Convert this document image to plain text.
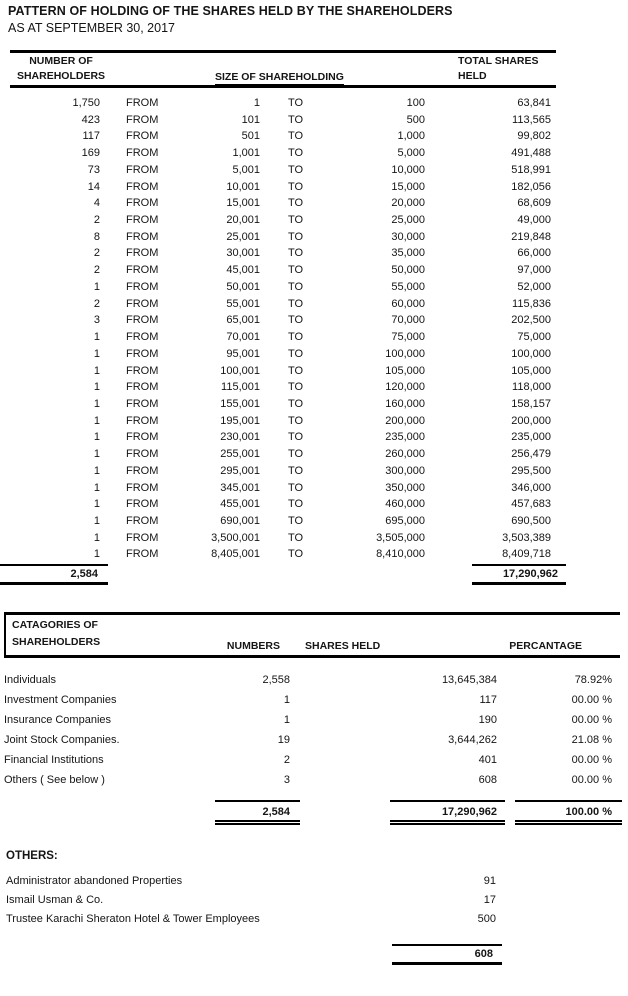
PATTERN OF HOLDING OF THE SHARES HELD BY THE SHAREHOLDERS
AS AT SEPTEMBER 30, 2017
NUMBER OF
SHAREHOLDERS	SIZE OF SHAREHOLDING
TOTAL SHARES
HELD
1,750	FROM	1	TO	100	63,841
423	FROM	101	TO	500	113,565
117	FROM	501	TO	1,000	99,802
169	FROM	1,001	TO	5,000	491,488
73	FROM	5,001	TO	10,000	518,991
14	FROM	10,001	TO	15,000	182,056
4	FROM	15,001	TO	20,000	68,609
2	FROM	20,001	TO	25,000	49,000
8	FROM	25,001	TO	30,000	219,848
2	FROM	30,001	TO	35,000	66,000
2	FROM	45,001	TO	50,000	97,000
1	FROM	50,001	TO	55,000	52,000
2	FROM	55,001	TO	60,000	115,836
3	FROM	65,001	TO	70,000	202,500
1	FROM	70,001	TO	75,000	75,000
1	FROM	95,001	TO	100,000	100,000
1	FROM	100,001	TO	105,000	105,000
1	FROM	115,001	TO	120,000	118,000
1	FROM	155,001	TO	160,000	158,157
1	FROM	195,001	TO	200,000	200,000
1	FROM	230,001	TO	235,000	235,000
1	FROM	255,001	TO	260,000	256,479
1	FROM	295,001	TO	300,000	295,500
1	FROM	345,001	TO	350,000	346,000
1	FROM	455,001	TO	460,000	457,683
1	FROM	690,001	TO	695,000	690,500
1	FROM	3,500,001	TO	3,505,000	3,503,389
1	FROM	8,405,001	TO	8,410,000	8,409,718
2,584	17,290,962
CATAGORIES OF
SHAREHOLDERS	NUMBERS SHARES HELD	PERCANTAGE
Individuals	2,558	13,645,384	78.92%
Investment Companies	1	117	00.00 %
Insurance Companies	1	190	00.00 %
Joint Stock Companies.	19	3,644,262	21.08 %
Financial Institutions	2	401	00.00 %
Others ( See below )	3	608	00.00 %
2,584	17,290,962	100.00 %
OTHERS:
Administrator abandoned Properties	91
Ismail Usman & Co.	17
Trustee Karachi Sheraton Hotel & Tower Employees	500
608
